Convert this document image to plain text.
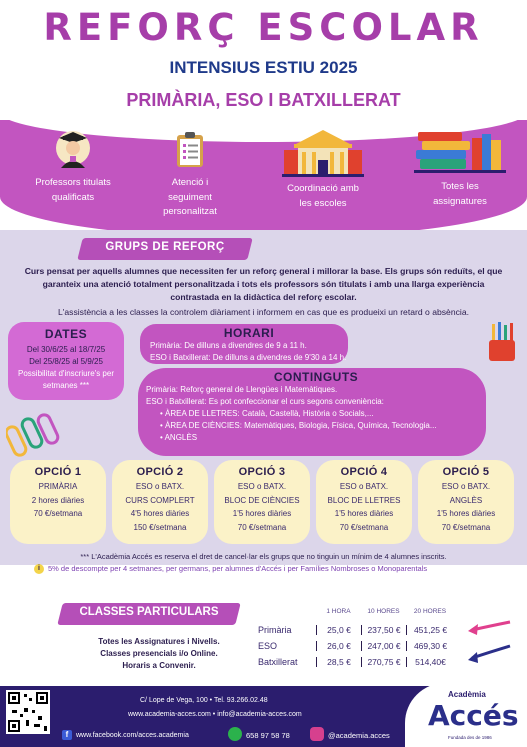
REFORÇ ESCOLAR
INTENSIUS ESTIU 2025
PRIMÀRIA, ESO I BATXILLERAT
Professors titulats
qualificats
Atenció i
seguiment
personalitzat
Coordinació amb
les escoles
Totes les
assignatures
GRUPS DE REFORÇ
Curs pensat per aquells alumnes que necessiten fer un reforç general i millorar la base. Els grups són reduïts, el que
garanteix una atenció totalment personalitzada i tots els professors són titulats i amb una llarga experiència
contrastada en la didàctica del reforç escolar.
L'assistència a les classes la controlem diàriament i informem en cas que es produeixi un retard o absència.
DATES

Del 30/6/25 al 18/7/25

Del 25/8/25 al 5/9/25

Possibilitat d'inscriure's per

setmanes ***

HORARI

Primària: De dilluns a divendres de 9 a 11 h.

ESO i Batxillerat: De dilluns a divendres de 9'30 a 14 h.

CONTINGUTS

Primària: Reforç general de Llengües i Matemàtiques.

ESO i Batxillerat: Es pot confeccionar el curs segons conveniència:

• ÀREA DE LLETRES: Català, Castellà, Història o Socials,...

• ÀREA DE CIÈNCIES: Matemàtiques, Biologia, Física, Química, Tecnologia...

• ANGLÈS

OPCIÓ 1

PRIMÀRIA

2 hores diàries

70 €/setmana

OPCIÓ 2

ESO o BATX.

CURS COMPLERT

4'5 hores diàries

150 €/setmana

OPCIÓ 3

ESO o BATX.

BLOC DE CIÈNCIES

1'5 hores diàries

70 €/setmana

OPCIÓ 4

ESO o BATX.

BLOC DE LLETRES

1'5 hores diàries

70 €/setmana

OPCIÓ 5

ESO o BATX.

ANGLÈS

1'5 hores diàries

70 €/setmana

*** L'Acadèmia Accés es reserva el dret de cancel·lar els grups que no tinguin un mínim de 4 alumnes inscrits.
i 5% de descompte per 4 setmanes, per germans, per alumnes d'Accés i per Famílies Nombroses o Monoparentals
CLASSES PARTICULARS
Totes les Assignatures i Nivells.
Classes presencials i/o Online.
Horaris a Convenir.
1 HORA	10 HORES	20 HORES
Primària	25,0 €	237,50 €	451,25 €
ESO	26,0 €	247,00 €	469,30 €
Batxillerat	28,5 €	270,75 €	514,40€
C/ Lope de Vega, 100 • Tel. 93.266.02.48
www.academia-acces.com • info@academia-acces.com
f	www.facebook.com/acces.academia	658 97 58 78	@academia.acces
Acadèmia
Accés
Fundada des de 1986
